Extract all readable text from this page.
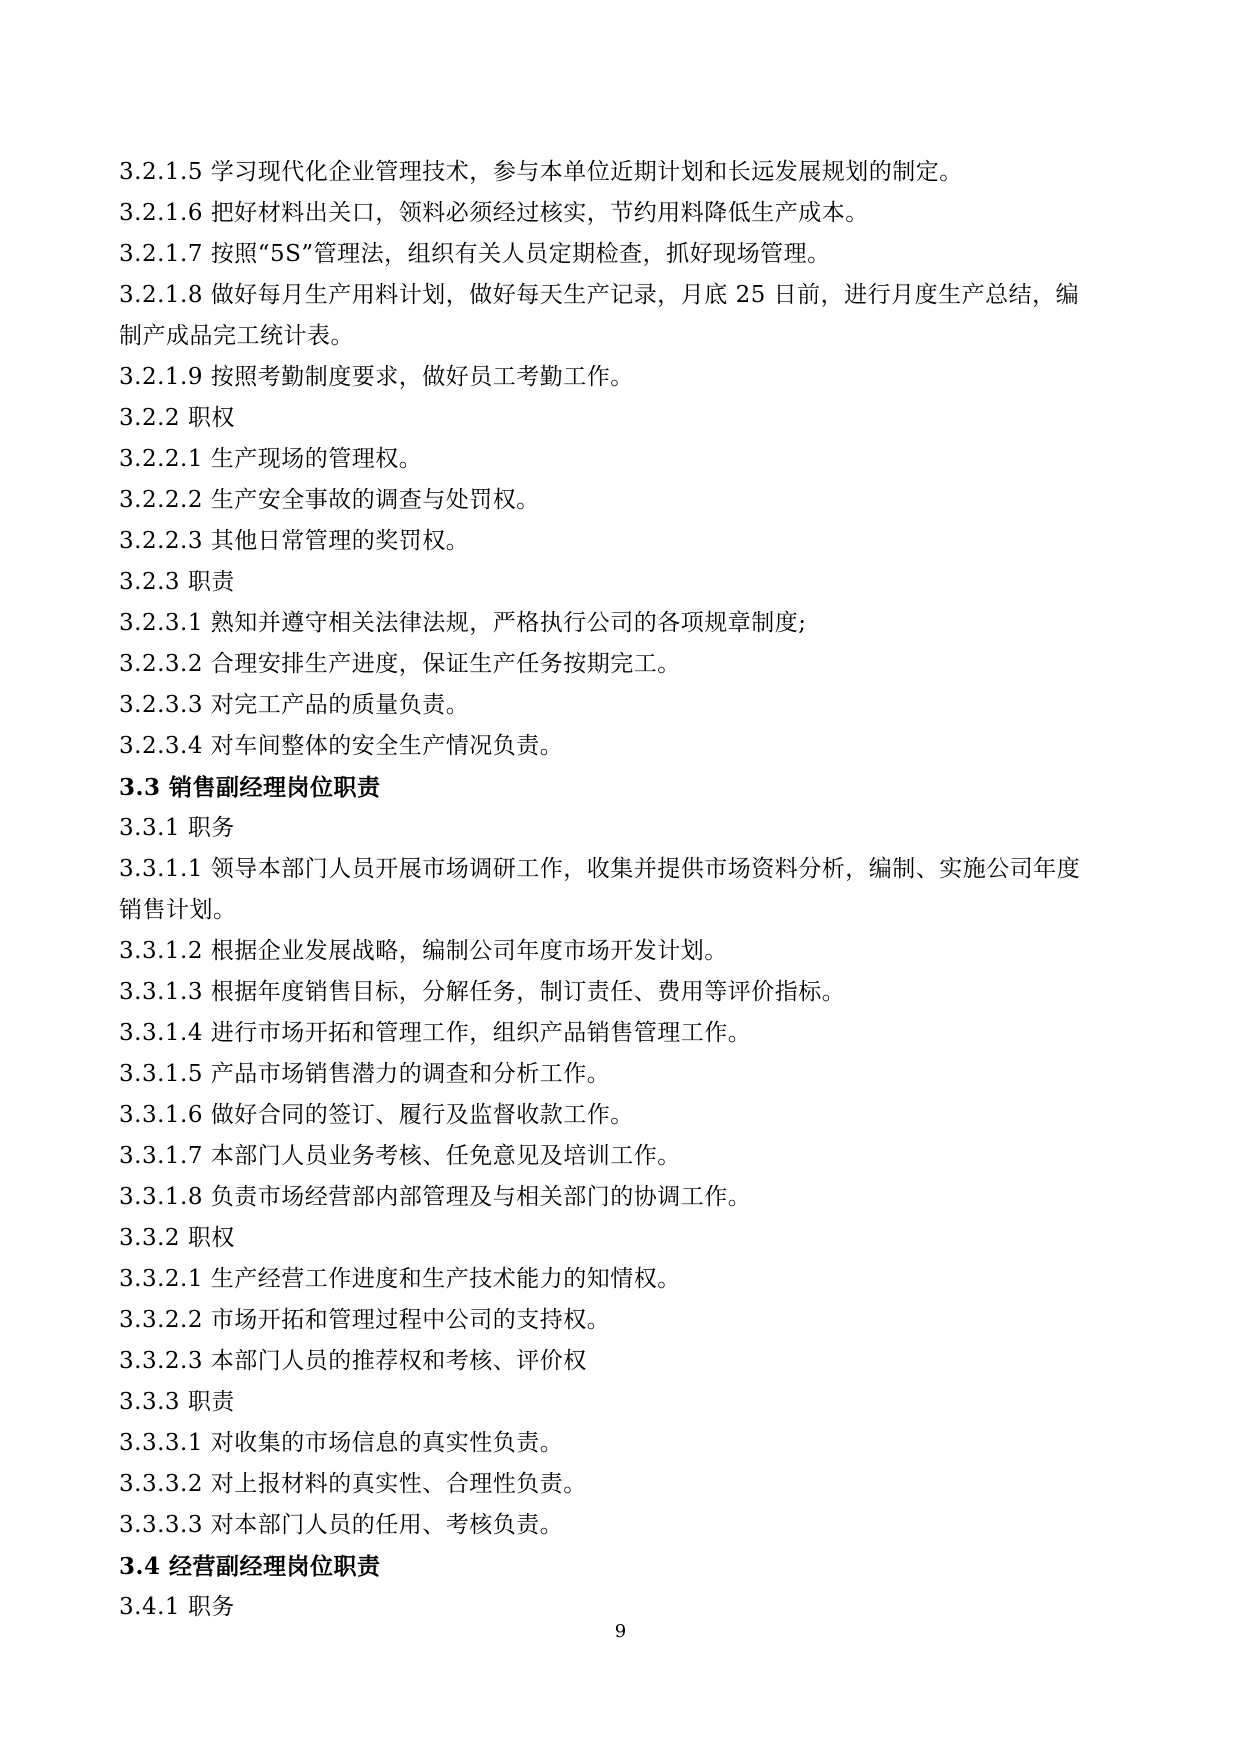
3.2.1.5 学习现代化企业管理技术，参与本单位近期计划和长远发展规划的制定。
3.2.1.6 把好材料出关口，领料必须经过核实，节约用料降低生产成本。
3.2.1.7 按照“5S”管理法，组织有关人员定期检查，抓好现场管理。
3.2.1.8 做好每月生产用料计划，做好每天生产记录，月底 25 日前，进行月度生产总结，编
制产成品完工统计表。
3.2.1.9 按照考勤制度要求，做好员工考勤工作。
3.2.2 职权
3.2.2.1 生产现场的管理权。
3.2.2.2 生产安全事故的调查与处罚权。
3.2.2.3 其他日常管理的奖罚权。
3.2.3 职责
3.2.3.1 熟知并遵守相关法律法规，严格执行公司的各项规章制度;
3.2.3.2 合理安排生产进度，保证生产任务按期完工。
3.2.3.3 对完工产品的质量负责。
3.2.3.4 对车间整体的安全生产情况负责。
3.3 销售副经理岗位职责
3.3.1 职务
3.3.1.1 领导本部门人员开展市场调研工作，收集并提供市场资料分析，编制、实施公司年度
销售计划。
3.3.1.2 根据企业发展战略，编制公司年度市场开发计划。
3.3.1.3 根据年度销售目标，分解任务，制订责任、费用等评价指标。
3.3.1.4 进行市场开拓和管理工作，组织产品销售管理工作。
3.3.1.5 产品市场销售潜力的调查和分析工作。
3.3.1.6 做好合同的签订、履行及监督收款工作。
3.3.1.7 本部门人员业务考核、任免意见及培训工作。
3.3.1.8 负责市场经营部内部管理及与相关部门的协调工作。
3.3.2 职权
3.3.2.1 生产经营工作进度和生产技术能力的知情权。
3.3.2.2 市场开拓和管理过程中公司的支持权。
3.3.2.3 本部门人员的推荐权和考核、评价权
3.3.3 职责
3.3.3.1 对收集的市场信息的真实性负责。
3.3.3.2 对上报材料的真实性、合理性负责。
3.3.3.3 对本部门人员的任用、考核负责。
3.4 经营副经理岗位职责
3.4.1 职务
9
